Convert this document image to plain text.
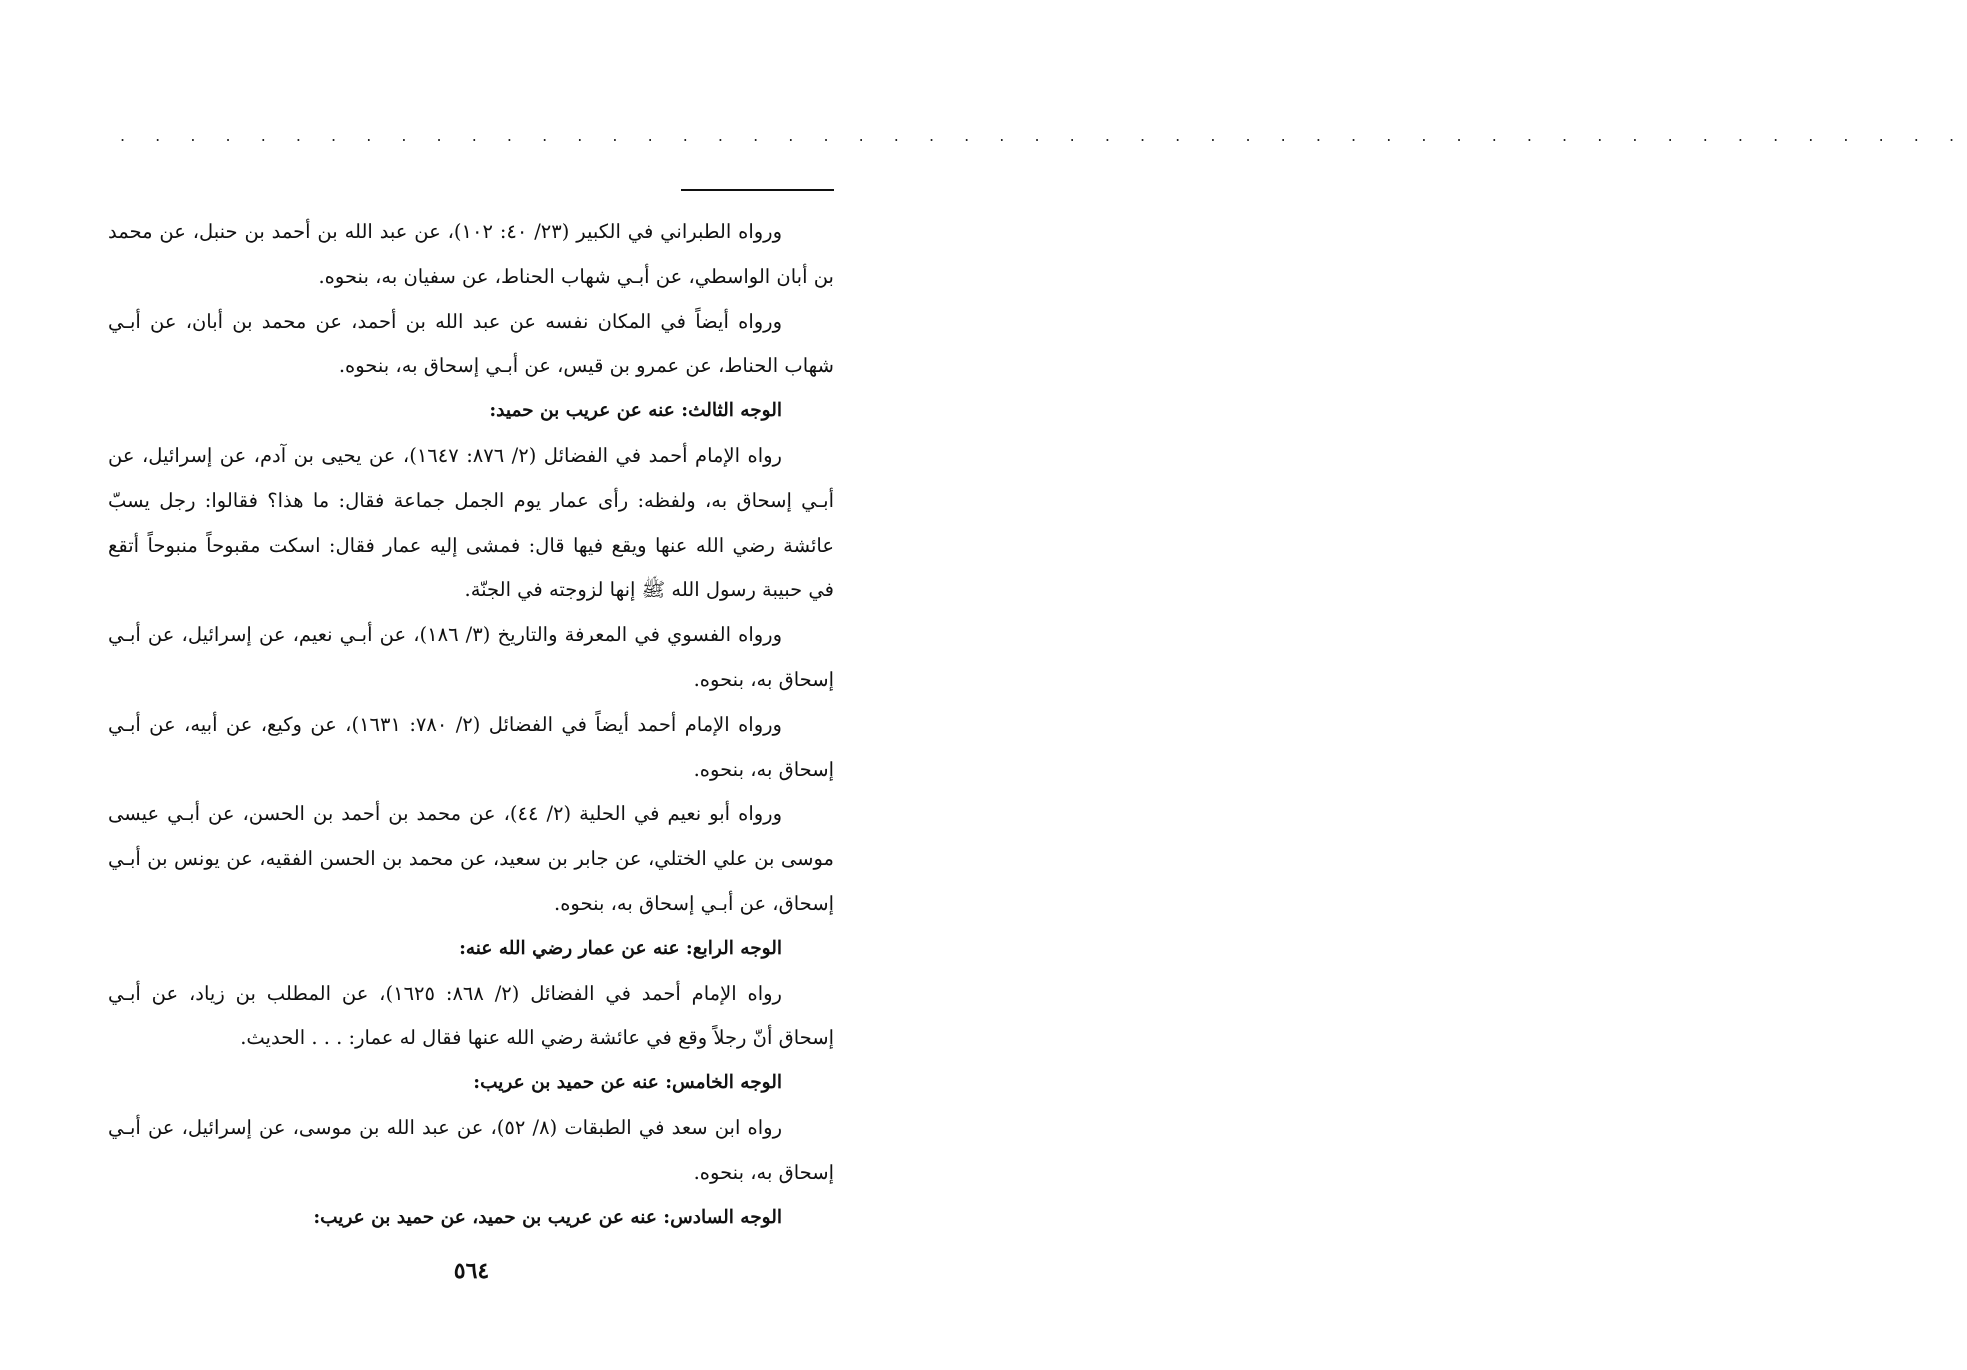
. . . . . . . . . . . . . . . . . . . . . . . . . . . . . . . . . . . . . . . . . . . . . . . . . . . . .

ورواه الطبراني في الكبير (٢٣/ ٤٠: ١٠٢)، عن عبد الله بن أحمد بن حنبل، عن محمد بن أبان الواسطي، عن أبـي شهاب الحناط، عن سفيان به، بنحوه.

ورواه أيضاً في المكان نفسه عن عبد الله بن أحمد، عن محمد بن أبان، عن أبـي شهاب الحناط، عن عمرو بن قيس، عن أبـي إسحاق به، بنحوه.

الوجه الثالث: عنه عن عريب بن حميد:

رواه الإمام أحمد في الفضائل (٢/ ٨٧٦: ١٦٤٧)، عن يحيى بن آدم، عن إسرائيل، عن أبـي إسحاق به، ولفظه: رأى عمار يوم الجمل جماعة فقال: ما هذا؟ فقالوا: رجل يسبّ عائشة رضي الله عنها ويقع فيها قال: فمشى إليه عمار فقال: اسكت مقبوحاً منبوحاً أتقع في حبيبة رسول الله ﷺ إنها لزوجته في الجنّة.

ورواه الفسوي في المعرفة والتاريخ (٣/ ١٨٦)، عن أبـي نعيم، عن إسرائيل، عن أبـي إسحاق به، بنحوه.

ورواه الإمام أحمد أيضاً في الفضائل (٢/ ٧٨٠: ١٦٣١)، عن وكيع، عن أبيه، عن أبـي إسحاق به، بنحوه.

ورواه أبو نعيم في الحلية (٢/ ٤٤)، عن محمد بن أحمد بن الحسن، عن أبـي عيسى موسى بن علي الختلي، عن جابر بن سعيد، عن محمد بن الحسن الفقيه، عن يونس بن أبـي إسحاق، عن أبـي إسحاق به، بنحوه.

الوجه الرابع: عنه عن عمار رضي الله عنه:

رواه الإمام أحمد في الفضائل (٢/ ٨٦٨: ١٦٢٥)، عن المطلب بن زياد، عن أبـي إسحاق أنّ رجلاً وقع في عائشة رضي الله عنها فقال له عمار: . . . الحديث.

الوجه الخامس: عنه عن حميد بن عريب:

رواه ابن سعد في الطبقات (٨/ ٥٢)، عن عبد الله بن موسى، عن إسرائيل، عن أبـي إسحاق به، بنحوه.

الوجه السادس: عنه عن عريب بن حميد، عن حميد بن عريب:

٥٦٤
